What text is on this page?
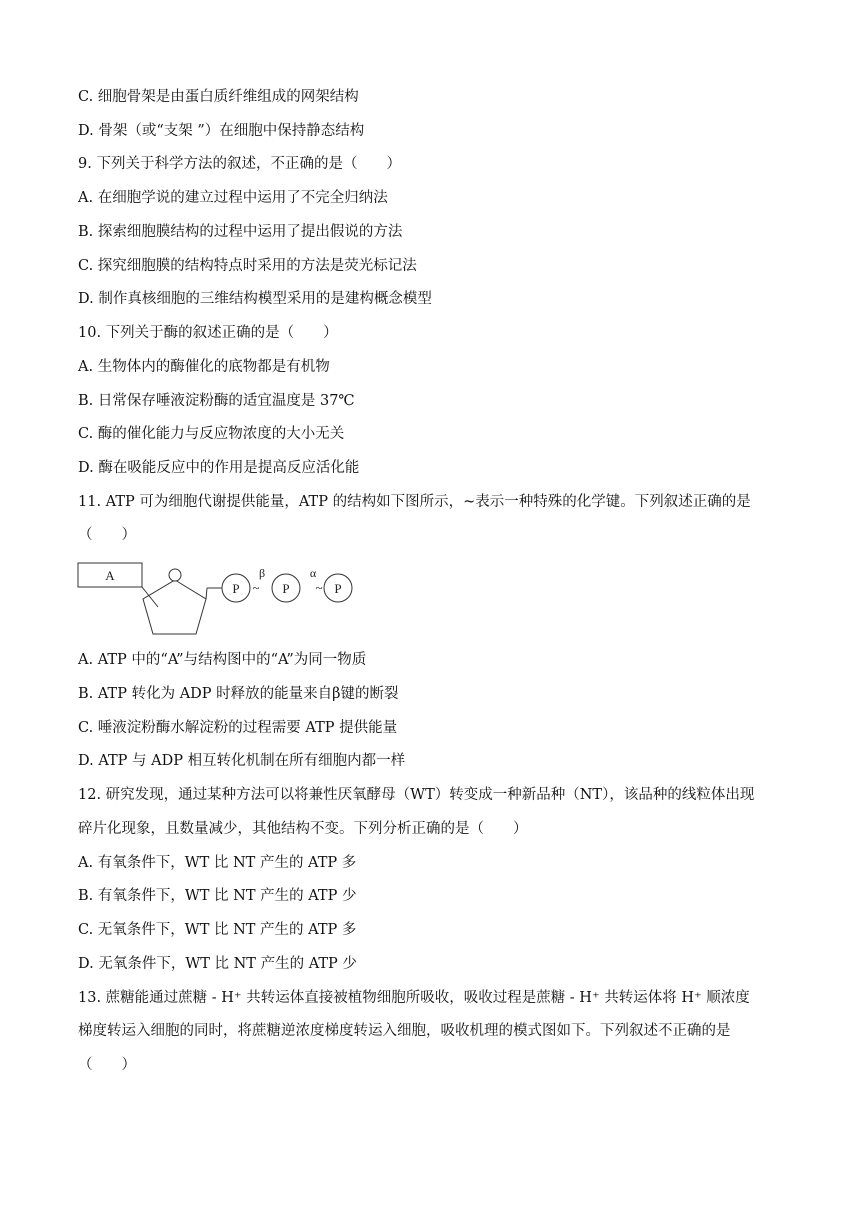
C. 细胞骨架是由蛋白质纤维组成的网架结构
D. 骨架（或“支架 ”）在细胞中保持静态结构
9. 下列关于科学方法的叙述，不正确的是（　　）
A. 在细胞学说的建立过程中运用了不完全归纳法
B. 探索细胞膜结构的过程中运用了提出假说的方法
C. 探究细胞膜的结构特点时采用的方法是荧光标记法
D. 制作真核细胞的三维结构模型采用的是建构概念模型
10. 下列关于酶的叙述正确的是（　　）
A. 生物体内的酶催化的底物都是有机物
B. 日常保存唾液淀粉酶的适宜温度是 37℃
C. 酶的催化能力与反应物浓度的大小无关
D. 酶在吸能反应中的作用是提高反应活化能
11. ATP 可为细胞代谢提供能量，ATP 的结构如下图所示，~表示一种特殊的化学键。下列叙述正确的是
（　　）
A
P ~
β
P ~
α
P
A. ATP 中的“A”与结构图中的“A”为同一物质
B. ATP 转化为 ADP 时释放的能量来自β键的断裂
C. 唾液淀粉酶水解淀粉的过程需要 ATP 提供能量
D. ATP 与 ADP 相互转化机制在所有细胞内都一样
12. 研究发现，通过某种方法可以将兼性厌氧酵母（WT）转变成一种新品种（NT），该品种的线粒体出现
碎片化现象，且数量减少，其他结构不变。下列分析正确的是（　　）
A. 有氧条件下，WT 比 NT 产生的 ATP 多
B. 有氧条件下，WT 比 NT 产生的 ATP 少
C. 无氧条件下，WT 比 NT 产生的 ATP 多
D. 无氧条件下，WT 比 NT 产生的 ATP 少
13. 蔗糖能通过蔗糖 - H⁺ 共转运体直接被植物细胞所吸收，吸收过程是蔗糖 - H⁺ 共转运体将 H⁺ 顺浓度
梯度转运入细胞的同时，将蔗糖逆浓度梯度转运入细胞，吸收机理的模式图如下。下列叙述不正确的是
（　　）
